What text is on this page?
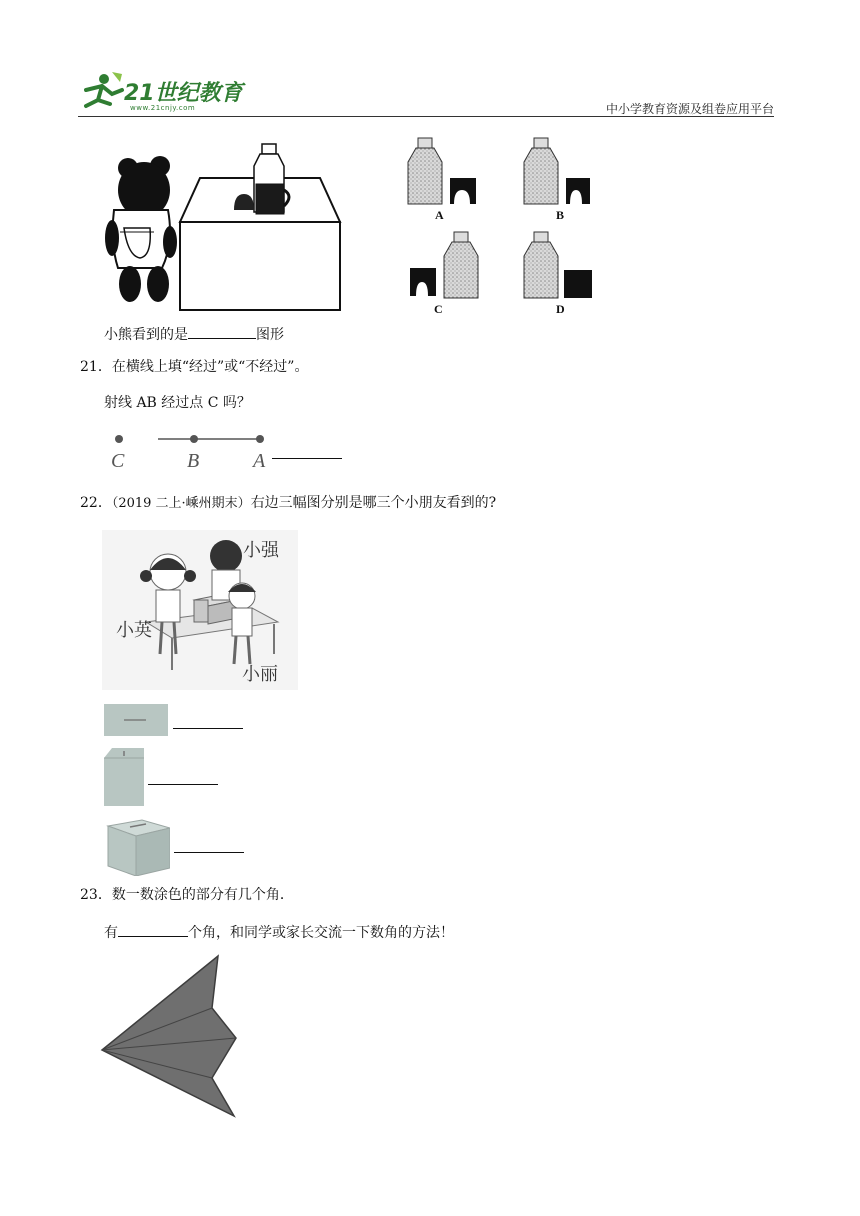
21世纪教育
www.21cnjy.com	中小学教育资源及组卷应用平台
A	B
C	D
小熊看到的是	图形
21．在横线上填“经过”或“不经过”。
射线 AB 经过点 C 吗？
C	B	A
22．（2019 二上·嵊州期末）右边三幅图分别是哪三个小朋友看到的?
小强
小英
小丽
23．数一数涂色的部分有几个角．
有	个角，和同学或家长交流一下数角的方法！
